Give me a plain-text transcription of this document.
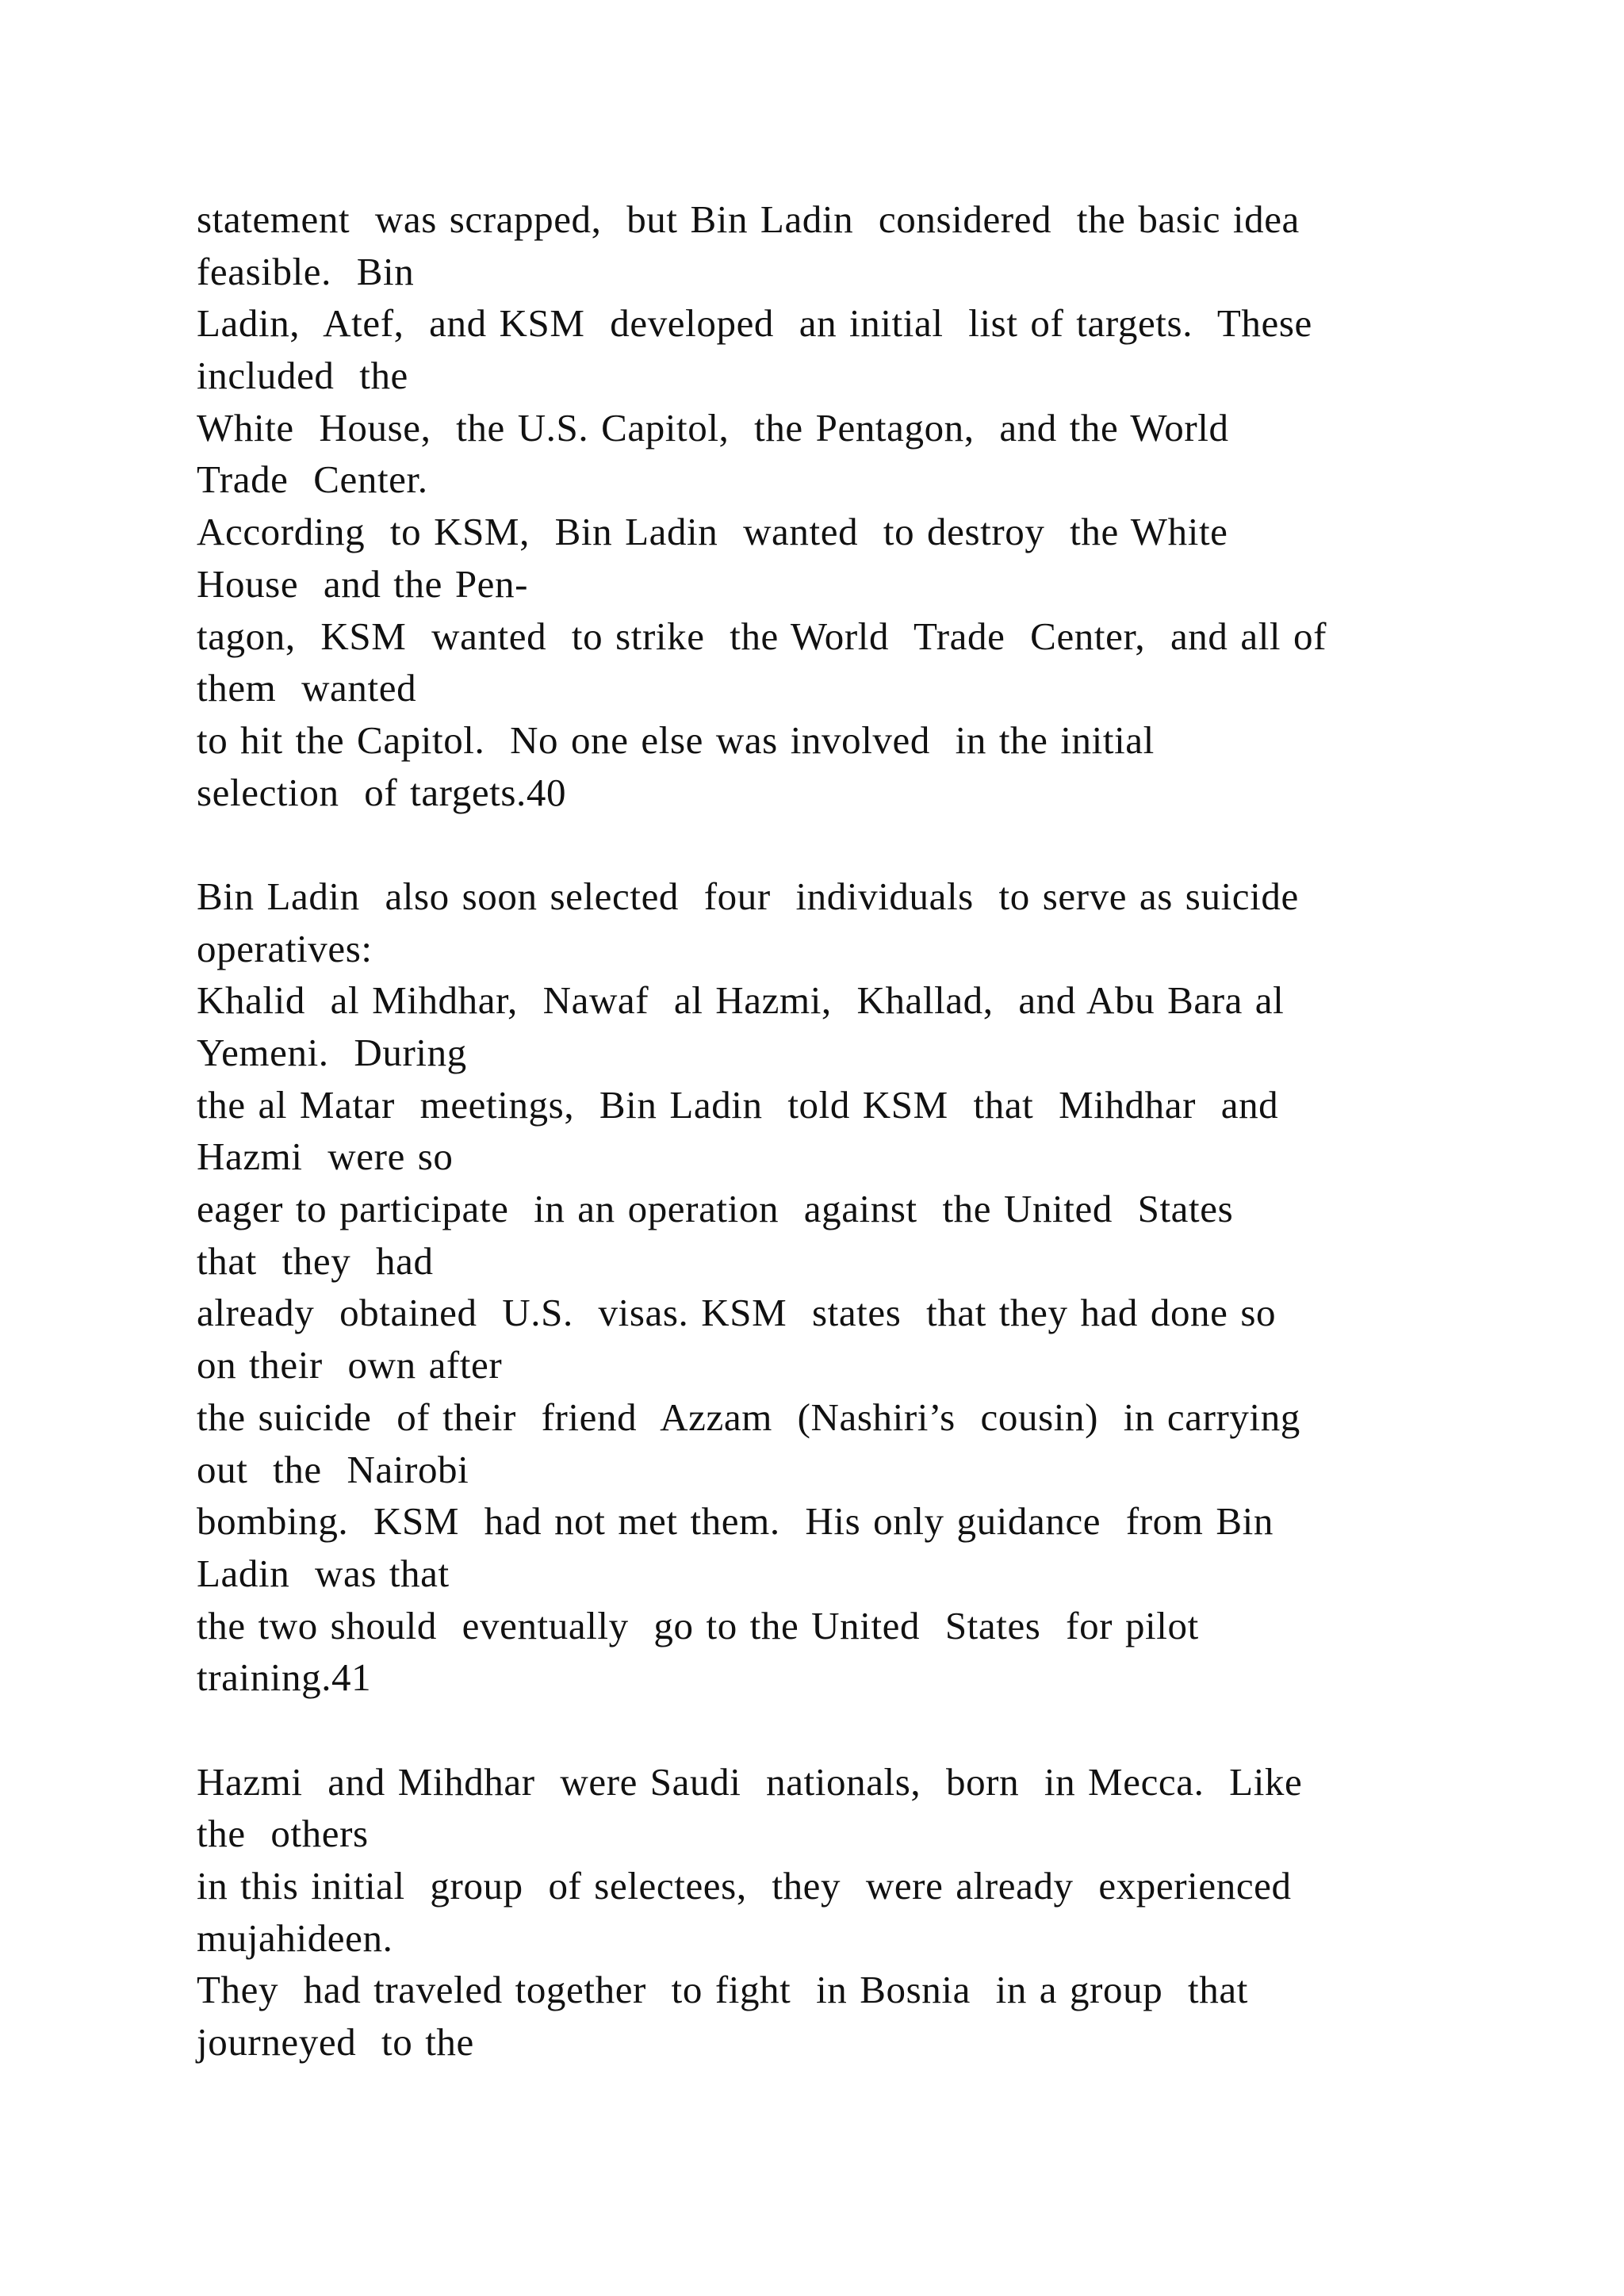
statement  was scrapped,  but Bin Ladin  considered  the basic idea
feasible.  Bin
Ladin,  Atef,  and KSM  developed  an initial  list of targets.  These
included  the
White  House,  the U.S. Capitol,  the Pentagon,  and the World
Trade  Center.
According  to KSM,  Bin Ladin  wanted  to destroy  the White
House  and the Pen-
tagon,  KSM  wanted  to strike  the World  Trade  Center,  and all of
them  wanted
to hit the Capitol.  No one else was involved  in the initial
selection  of targets.40
Bin Ladin  also soon selected  four  individuals  to serve as suicide
operatives:
Khalid  al Mihdhar,  Nawaf  al Hazmi,  Khallad,  and Abu Bara al
Yemeni.  During
the al Matar  meetings,  Bin Ladin  told KSM  that  Mihdhar  and
Hazmi  were so
eager to participate  in an operation  against  the United  States
that  they  had
already  obtained  U.S.  visas. KSM  states  that they had done so
on their  own after
the suicide  of their  friend  Azzam  (Nashiri’s  cousin)  in carrying
out  the  Nairobi
bombing.  KSM  had not met them.  His only guidance  from Bin
Ladin  was that
the two should  eventually  go to the United  States  for pilot
training.41
Hazmi  and Mihdhar  were Saudi  nationals,  born  in Mecca.  Like
the  others
in this initial  group  of selectees,  they  were already  experienced
mujahideen.
They  had traveled together  to fight  in Bosnia  in a group  that
journeyed  to the
